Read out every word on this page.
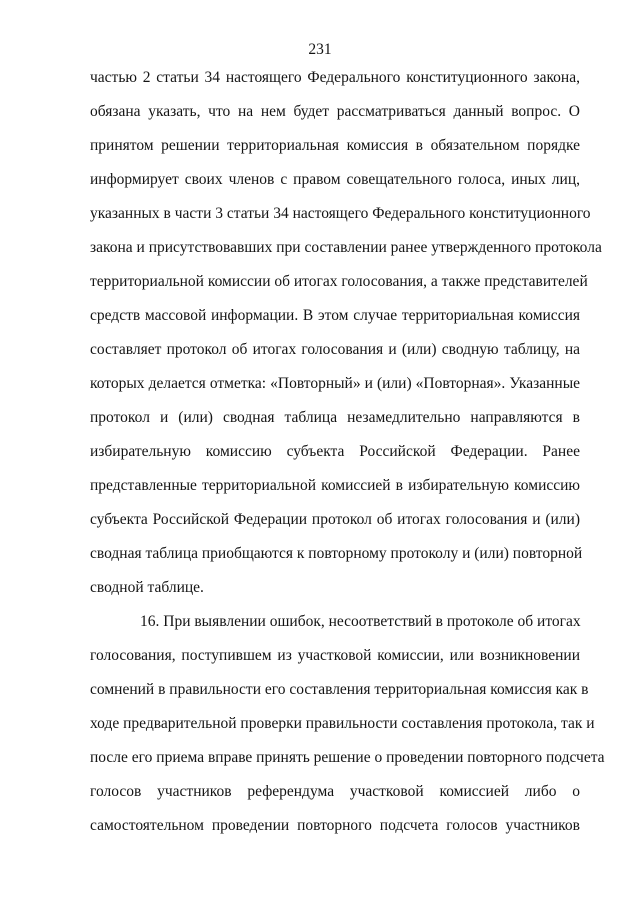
231
частью 2 статьи 34 настоящего Федерального конституционного закона,
обязана указать, что на нем будет рассматриваться данный вопрос. О
принятом решении территориальная комиссия в обязательном порядке
информирует своих членов с правом совещательного голоса, иных лиц,
указанных в части 3 статьи 34 настоящего Федерального конституционного
закона и присутствовавших при составлении ранее утвержденного протокола
территориальной комиссии об итогах голосования, а также представителей
средств массовой информации. В этом случае территориальная комиссия
составляет протокол об итогах голосования и (или) сводную таблицу, на
которых делается отметка: «Повторный» и (или) «Повторная». Указанные
протокол и (или) сводная таблица незамедлительно направляются в
избирательную комиссию субъекта Российской Федерации. Ранее
представленные территориальной комиссией в избирательную комиссию
субъекта Российской Федерации протокол об итогах голосования и (или)
сводная таблица приобщаются к повторному протоколу и (или) повторной
сводной таблице.
16. При выявлении ошибок, несоответствий в протоколе об итогах
голосования, поступившем из участковой комиссии, или возникновении
сомнений в правильности его составления территориальная комиссия как в
ходе предварительной проверки правильности составления протокола, так и
после его приема вправе принять решение о проведении повторного подсчета
голосов участников референдума участковой комиссией либо о
самостоятельном проведении повторного подсчета голосов участников
